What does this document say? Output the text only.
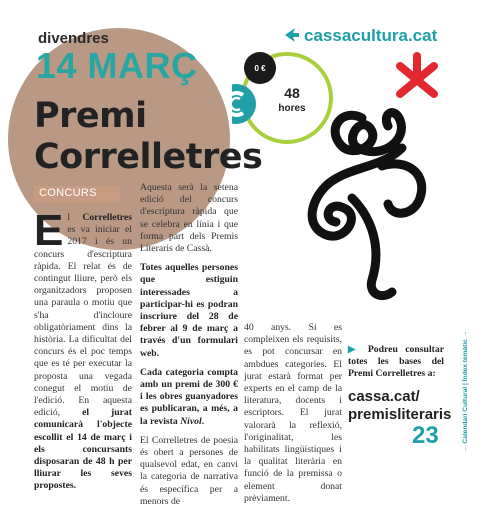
divendres
14 MARÇ
Premi
Correlletres
cassacultura.cat
0 €
48
hores
CONCURS

El Correlletres es va iniciar el 2017 i és un concurs d'escriptura ràpida. El relat és de contingut lliure, però els organitzadors proposen una paraula o motiu que s'ha d'incloure obligatòriament dins la història. La dificultat del concurs és el poc temps que es té per executar la proposta una vegada conegut el motiu de l'edició. En aquesta edició, el jurat comunicarà l'objecte escollit el 14 de març i els concursants disposaran de 48 h per lliurar les seves propostes.

Aquesta serà la setena edició del concurs d'escriptura ràpida que se celebra en línia i que forma part dels Premis Literaris de Cassà.

Totes aquelles persones que estiguin interessades a participar-hi es podran inscriure del 28 de febrer al 9 de març a través d'un formulari web.

Cada categoria compta amb un premi de 300 € i les obres guanyadores es publicaran, a més, a la revista Nívol.

El Correlletres de poesia és obert a persones de qualsevol edat, en canvi la categoria de narrativa és específica per a menors de

40 anys. Si es compleixen els requisits, es pot concursar en ambdues categories. El jurat estarà format per experts en el camp de la literatura, docents i escriptors. El jurat valorarà la reflexió, l'originalitat, les habilitats lingüístiques i la qualitat literària en funció de la premissa o element donat prèviament.

▶ Podreu consultar totes les bases del Premi Correlletres a:

cassa.cat/
premisliteraris
23	← Calendari Cultural | Índex temàtic →
